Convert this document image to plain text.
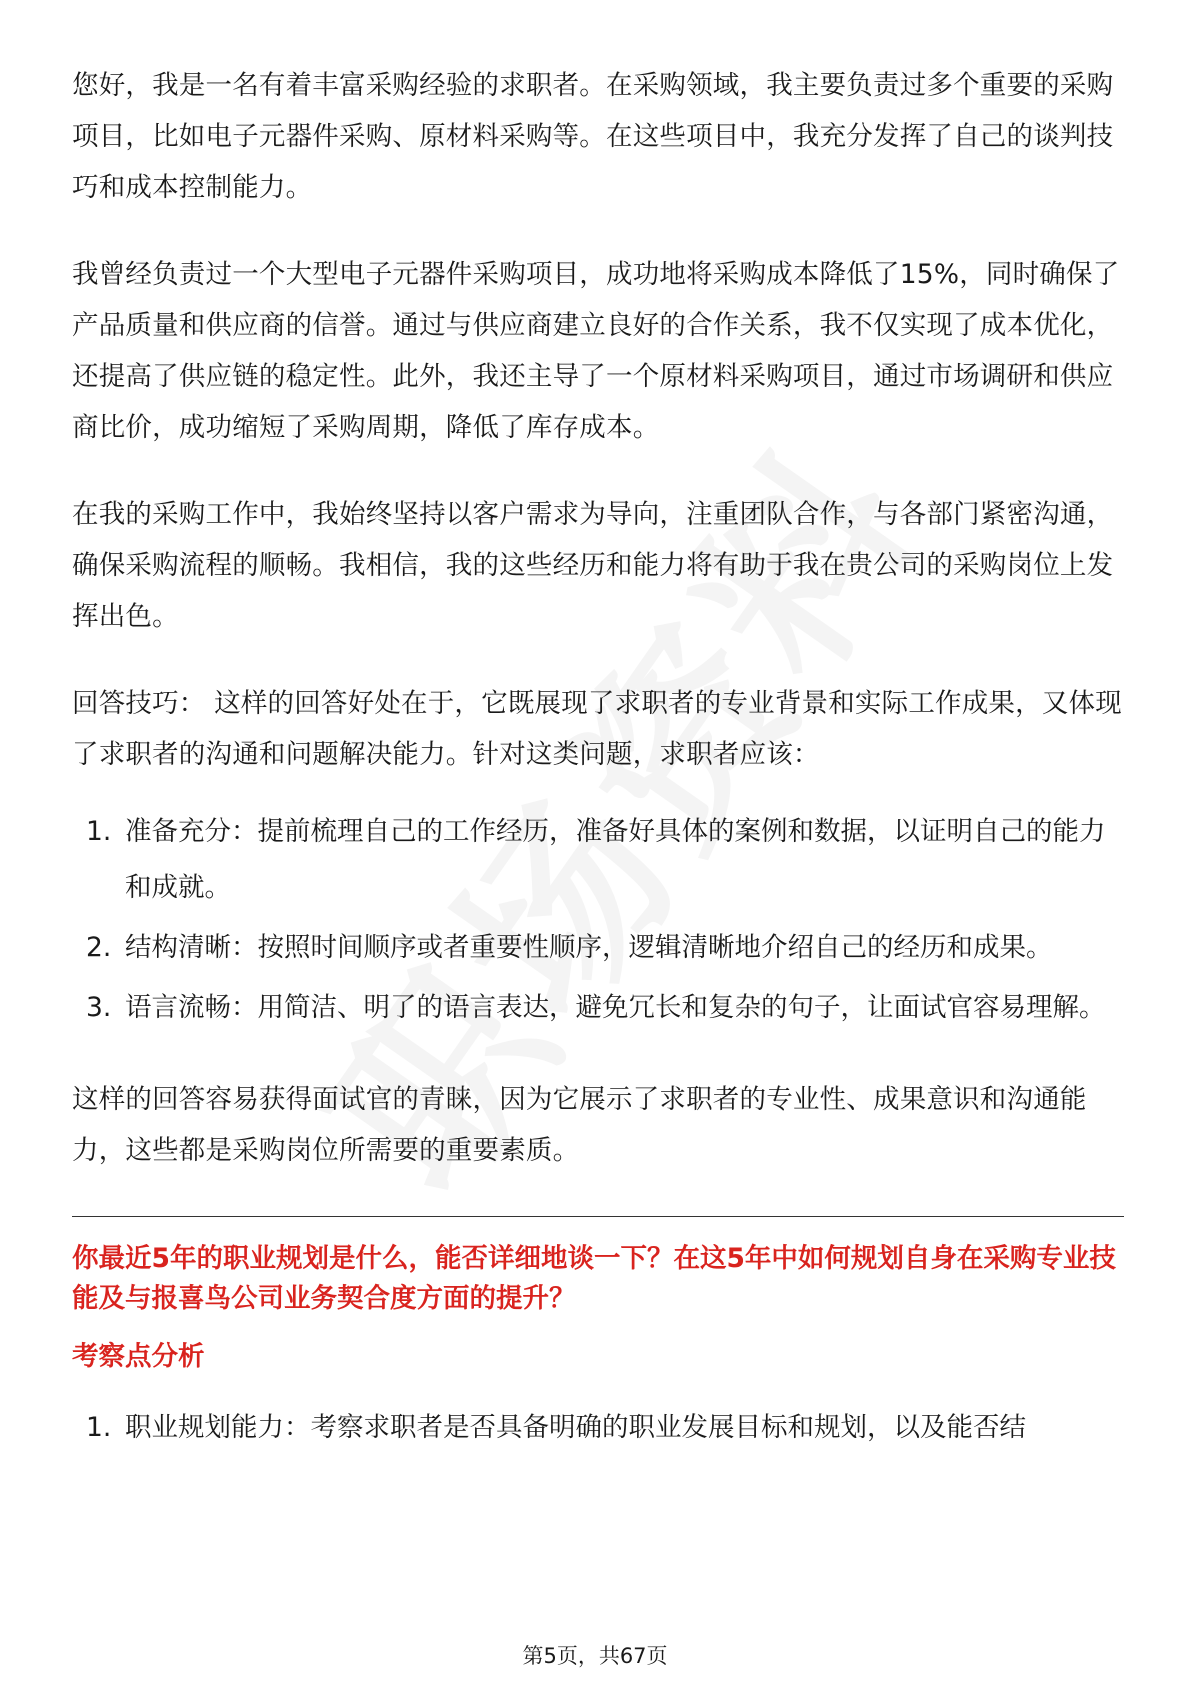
您好，我是一名有着丰富采购经验的求职者。在采购领域，我主要负责过多个重要的采购项目，比如电子元器件采购、原材料采购等。在这些项目中，我充分发挥了自己的谈判技巧和成本控制能力。

我曾经负责过一个大型电子元器件采购项目，成功地将采购成本降低了15%，同时确保了产品质量和供应商的信誉。通过与供应商建立良好的合作关系，我不仅实现了成本优化，还提高了供应链的稳定性。此外，我还主导了一个原材料采购项目，通过市场调研和供应商比价，成功缩短了采购周期，降低了库存成本。

在我的采购工作中，我始终坚持以客户需求为导向，注重团队合作，与各部门紧密沟通，确保采购流程的顺畅。我相信，我的这些经历和能力将有助于我在贵公司的采购岗位上发挥出色。

回答技巧： 这样的回答好处在于，它既展现了求职者的专业背景和实际工作成果，又体现了求职者的沟通和问题解决能力。针对这类问题，求职者应该：

1. 准备充分：提前梳理自己的工作经历，准备好具体的案例和数据，以证明自己的能力和成就。
2. 结构清晰：按照时间顺序或者重要性顺序，逻辑清晰地介绍自己的经历和成果。
3. 语言流畅：用简洁、明了的语言表达，避免冗长和复杂的句子，让面试官容易理解。

这样的回答容易获得面试官的青睐，因为它展示了求职者的专业性、成果意识和沟通能力，这些都是采购岗位所需要的重要素质。

你最近5年的职业规划是什么，能否详细地谈一下？在这5年中如何规划自身在采购专业技能及与报喜鸟公司业务契合度方面的提升？
考察点分析
1. 职业规划能力：考察求职者是否具备明确的职业发展目标和规划，以及能否结
第5页，共67页
